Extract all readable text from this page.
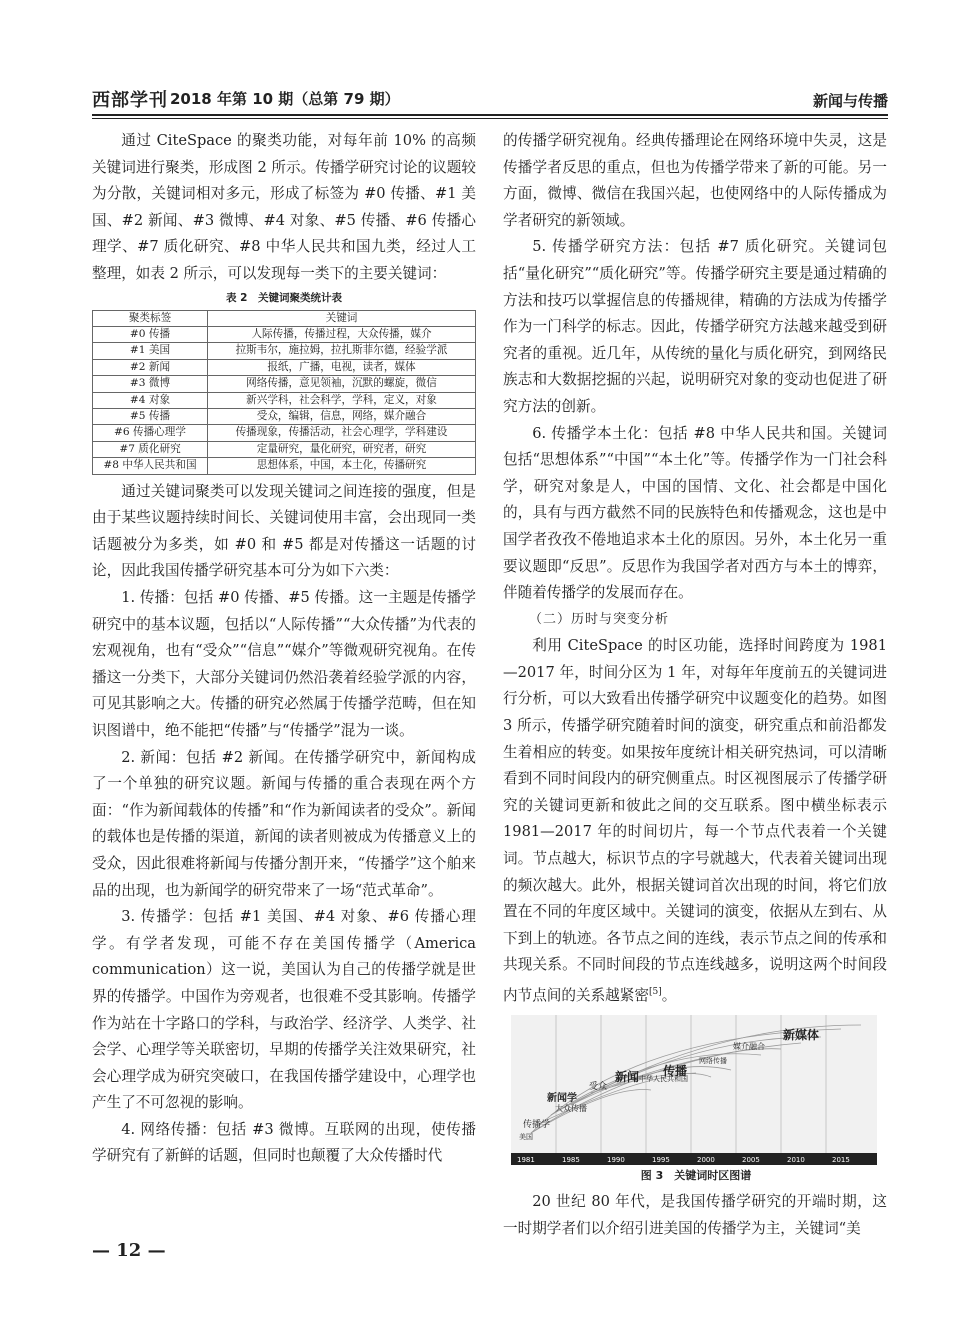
西部学刊 2018 年第 10 期（总第 79 期）	新闻与传播

通过 CiteSpace 的聚类功能，对每年前 10% 的高频关键词进行聚类，形成图 2 所示。传播学研究讨论的议题较为分散，关键词相对多元，形成了标签为 #0 传播、#1 美国、#2 新闻、#3 微博、#4 对象、#5 传播、#6 传播心理学、#7 质化研究、#8 中华人民共和国九类，经过人工整理，如表 2 所示，可以发现每一类下的主要关键词：

表 2　关键词聚类统计表
聚类标签	关键词
#0 传播	人际传播，传播过程，大众传播，媒介
#1 美国	拉斯韦尔，施拉姆，拉扎斯菲尔德，经验学派
#2 新闻	报纸，广播，电视，读者，媒体
#3 微博	网络传播，意见领袖，沉默的螺旋，微信
#4 对象	新兴学科，社会科学，学科，定义，对象
#5 传播	受众，编辑，信息，网络，媒介融合
#6 传播心理学	传播现象，传播活动，社会心理学，学科建设
#7 质化研究	定量研究，量化研究，研究者，研究
#8 中华人民共和国	思想体系，中国，本土化，传播研究

通过关键词聚类可以发现关键词之间连接的强度，但是由于某些议题持续时间长、关键词使用丰富，会出现同一类话题被分为多类，如 #0 和 #5 都是对传播这一话题的讨论，因此我国传播学研究基本可分为如下六类：

1. 传播：包括 #0 传播、#5 传播。这一主题是传播学研究中的基本议题，包括以“人际传播”“大众传播”为代表的宏观视角，也有“受众”“信息”“媒介”等微观研究视角。在传播这一分类下，大部分关键词仍然沿袭着经验学派的内容，可见其影响之大。传播的研究必然属于传播学范畴，但在知识图谱中，绝不能把“传播”与“传播学”混为一谈。

2. 新闻：包括 #2 新闻。在传播学研究中，新闻构成了一个单独的研究议题。新闻与传播的重合表现在两个方面：“作为新闻载体的传播”和“作为新闻读者的受众”。新闻的载体也是传播的渠道，新闻的读者则被成为传播意义上的受众，因此很难将新闻与传播分割开来，“传播学”这个舶来品的出现，也为新闻学的研究带来了一场“范式革命”。

3. 传播学：包括 #1 美国、#4 对象、#6 传播心理学。有学者发现，可能不存在美国传播学（America communication）这一说，美国认为自己的传播学就是世界的传播学。中国作为旁观者，也很难不受其影响。传播学作为站在十字路口的学科，与政治学、经济学、人类学、社会学、心理学等关联密切，早期的传播学关注效果研究，社会心理学成为研究突破口，在我国传播学建设中，心理学也产生了不可忽视的影响。

4. 网络传播：包括 #3 微博。互联网的出现，使传播学研究有了新鲜的话题，但同时也颠覆了大众传播时代

的传播学研究视角。经典传播理论在网络环境中失灵，这是传播学者反思的重点，但也为传播学带来了新的可能。另一方面，微博、微信在我国兴起，也使网络中的人际传播成为学者研究的新领域。

5. 传播学研究方法：包括 #7 质化研究。关键词包括“量化研究”“质化研究”等。传播学研究主要是通过精确的方法和技巧以掌握信息的传播规律，精确的方法成为传播学作为一门科学的标志。因此，传播学研究方法越来越受到研究者的重视。近几年，从传统的量化与质化研究，到网络民族志和大数据挖掘的兴起，说明研究对象的变动也促进了研究方法的创新。

6. 传播学本土化：包括 #8 中华人民共和国。关键词包括“思想体系”“中国”“本土化”等。传播学作为一门社会科学，研究对象是人，中国的国情、文化、社会都是中国化的，具有与西方截然不同的民族特色和传播观念，这也是中国学者孜孜不倦地追求本土化的原因。另外，本土化另一重要议题即“反思”。反思作为我国学者对西方与本土的博弈，伴随着传播学的发展而存在。

（二）历时与突变分析

利用 CiteSpace 的时区功能，选择时间跨度为 1981—2017 年，时间分区为 1 年，对每年年度前五的关键词进行分析，可以大致看出传播学研究中议题变化的趋势。如图 3 所示，传播学研究随着时间的演变，研究重点和前沿都发生着相应的转变。如果按年度统计相关研究热词，可以清晰看到不同时间段内的研究侧重点。时区视图展示了传播学研究的关键词更新和彼此之间的交互联系。图中横坐标表示 1981—2017 年的时间切片，每一个节点代表着一个关键词。节点越大，标识节点的字号就越大，代表着关键词出现的频次越大。此外，根据关键词首次出现的时间，将它们放置在不同的年度区域中。关键词的演变，依据从左到右、从下到上的轨迹。各节点之间的连线，表示节点之间的传承和共现关系。不同时间段的节点连线越多，说明这两个时间段内节点间的关系越紧密[5]。

传播学
美国
大众传播
新闻学
受众
新闻 中华人民共和国
传播
网络传播
媒介融合
新媒体
1981	1985	1990	1995	2000	2005	2010	2015
图 3　关键词时区图谱

20 世纪 80 年代，是我国传播学研究的开端时期，这一时期学者们以介绍引进美国的传播学为主，关键词“美

— 12 —
